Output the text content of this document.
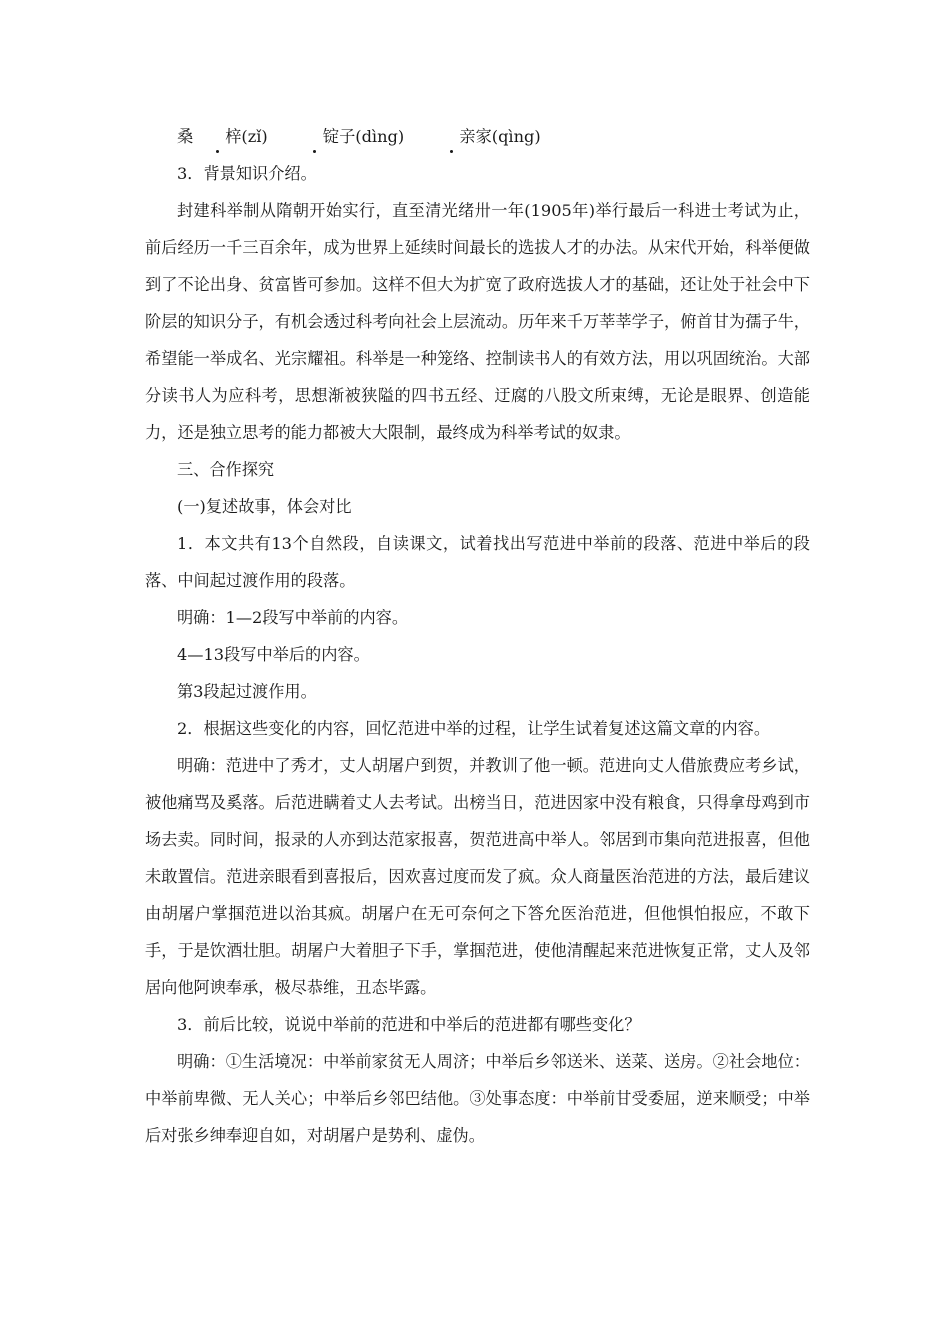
桑 梓(zǐ)	锭子(dìng)	亲家(qìng)

3．背景知识介绍。

封建科举制从隋朝开始实行，直至清光绪卅一年(1905年)举行最后一科进士考试为止，前后经历一千三百余年，成为世界上延续时间最长的选拔人才的办法。从宋代开始，科举便做到了不论出身、贫富皆可参加。这样不但大为扩宽了政府选拔人才的基础，还让处于社会中下阶层的知识分子，有机会透过科考向社会上层流动。历年来千万莘莘学子，俯首甘为孺子牛，希望能一举成名、光宗耀祖。科举是一种笼络、控制读书人的有效方法，用以巩固统治。大部分读书人为应科考，思想渐被狭隘的四书五经、迂腐的八股文所束缚，无论是眼界、创造能力，还是独立思考的能力都被大大限制，最终成为科举考试的奴隶。

三、合作探究

(一)复述故事，体会对比

1．本文共有13个自然段，自读课文，试着找出写范进中举前的段落、范进中举后的段落、中间起过渡作用的段落。

明确：1—2段写中举前的内容。

4—13段写中举后的内容。

第3段起过渡作用。

2．根据这些变化的内容，回忆范进中举的过程，让学生试着复述这篇文章的内容。

明确：范进中了秀才，丈人胡屠户到贺，并教训了他一顿。范进向丈人借旅费应考乡试，被他痛骂及奚落。后范进瞒着丈人去考试。出榜当日，范进因家中没有粮食，只得拿母鸡到市场去卖。同时间，报录的人亦到达范家报喜，贺范进高中举人。邻居到市集向范进报喜，但他未敢置信。范进亲眼看到喜报后，因欢喜过度而发了疯。众人商量医治范进的方法，最后建议由胡屠户掌掴范进以治其疯。胡屠户在无可奈何之下答允医治范进，但他惧怕报应，不敢下手，于是饮酒壮胆。胡屠户大着胆子下手，掌掴范进，使他清醒起来范进恢复正常，丈人及邻居向他阿谀奉承，极尽恭维，丑态毕露。

3．前后比较，说说中举前的范进和中举后的范进都有哪些变化？

明确：①生活境况：中举前家贫无人周济；中举后乡邻送米、送菜、送房。②社会地位：中举前卑微、无人关心；中举后乡邻巴结他。③处事态度：中举前甘受委屈，逆来顺受；中举后对张乡绅奉迎自如，对胡屠户是势利、虚伪。
